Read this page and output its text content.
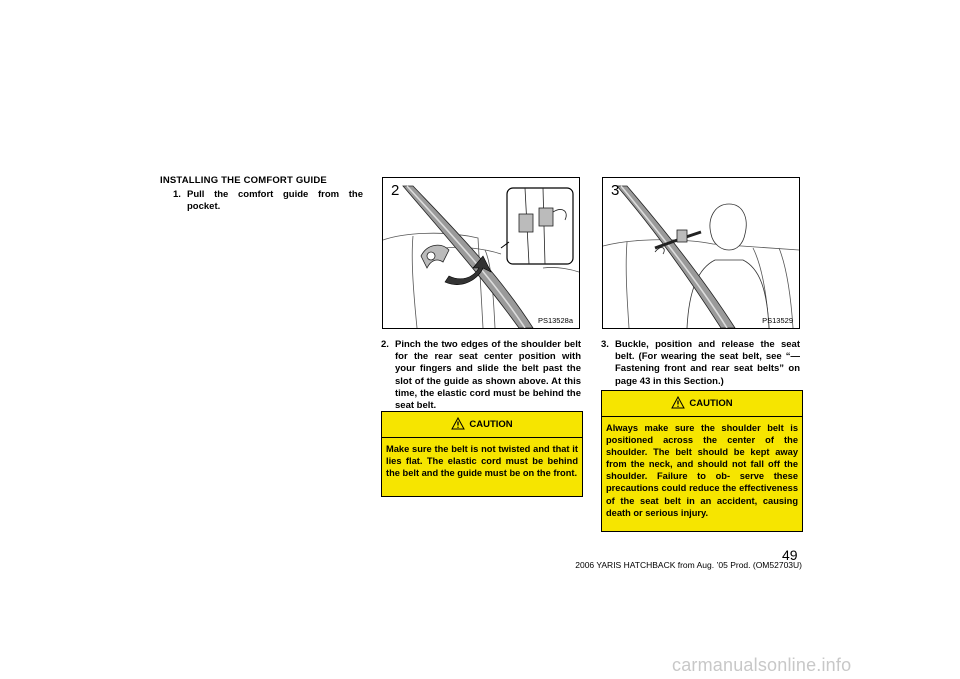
INSTALLING THE COMFORT GUIDE
1. Pull the comfort guide from the pocket.
2
PS13528a
3
PS13529
2. Pinch the two edges of the shoulder belt for the rear seat center position with your fingers and slide the belt past the slot of the guide as shown above. At this time, the elastic cord must be behind the seat belt.
3. Buckle, position and release the seat belt. (For wearing the seat belt, see “—Fastening front and rear seat belts” on page 43 in this Section.)
CAUTION
Make sure the belt is not twisted and that it lies flat. The elastic cord must be behind the belt and the guide must be on the front.
CAUTION
Always make sure the shoulder belt is positioned across the center of the shoulder. The belt should be kept away from the neck, and should not fall off the shoulder. Failure to ob- serve these precautions could reduce the effectiveness of the seat belt in an accident, causing death or serious injury.
49
2006 YARIS HATCHBACK from Aug. ’05 Prod. (OM52703U)
carmanualsonline.info
